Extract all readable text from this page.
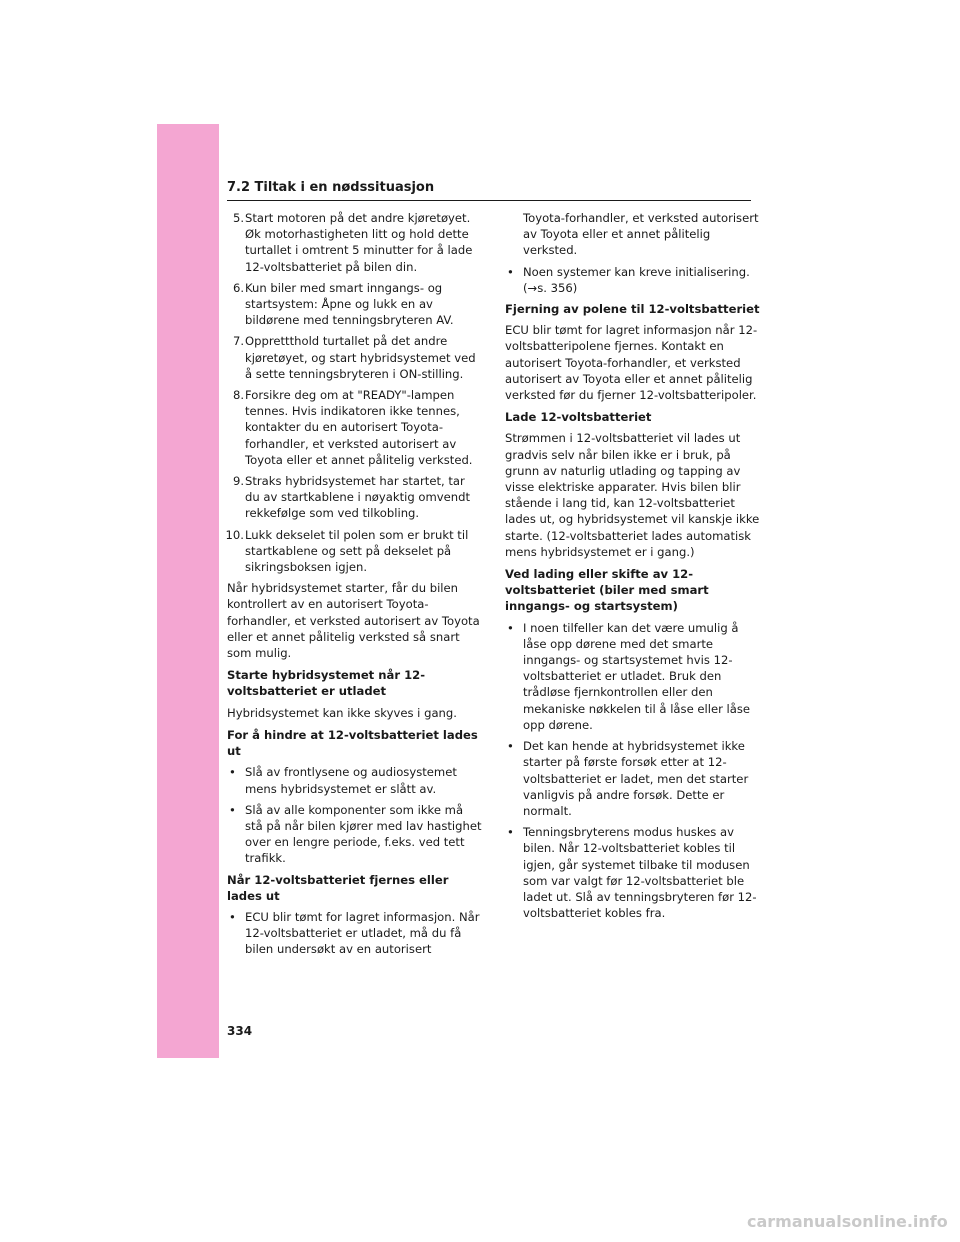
7.2 Tiltak i en nødssituasjon
5. Start motoren på det andre kjøretøyet. Øk motorhastigheten litt og hold dette turtallet i omtrent 5 minutter for å lade 12-voltsbatteriet på bilen din.
6. Kun biler med smart inngangs- og startsystem: Åpne og lukk en av bildørene med tenningsbryteren AV.
7. Opprettthold turtallet på det andre kjøretøyet, og start hybridsystemet ved å sette tenningsbryteren i ON-stilling.
8. Forsikre deg om at "READY"-lampen tennes. Hvis indikatoren ikke tennes, kontakter du en autorisert Toyota-forhandler, et verksted autorisert av Toyota eller et annet pålitelig verksted.
9. Straks hybridsystemet har startet, tar du av startkablene i nøyaktig omvendt rekkefølge som ved tilkobling.
10. Lukk dekselet til polen som er brukt til startkablene og sett på dekselet på sikringsboksen igjen.

Når hybridsystemet starter, får du bilen kontrollert av en autorisert Toyota-forhandler, et verksted autorisert av Toyota eller et annet pålitelig verksted så snart som mulig.

Starte hybridsystemet når 12-voltsbatteriet er utladet

Hybridsystemet kan ikke skyves i gang.

For å hindre at 12-voltsbatteriet lades ut

• Slå av frontlysene og audiosystemet mens hybridsystemet er slått av.
• Slå av alle komponenter som ikke må stå på når bilen kjører med lav hastighet over en lengre periode, f.eks. ved tett trafikk.

Når 12-voltsbatteriet fjernes eller lades ut

• ECU blir tømt for lagret informasjon. Når 12-voltsbatteriet er utladet, må du få bilen undersøkt av en autorisert

Toyota-forhandler, et verksted autorisert av Toyota eller et annet pålitelig verksted.

• Noen systemer kan kreve initialisering. (→s. 356)

Fjerning av polene til 12-voltsbatteriet

ECU blir tømt for lagret informasjon når 12-voltsbatteripolene fjernes. Kontakt en autorisert Toyota-forhandler, et verksted autorisert av Toyota eller et annet pålitelig verksted før du fjerner 12-voltsbatteripoler.

Lade 12-voltsbatteriet

Strømmen i 12-voltsbatteriet vil lades ut gradvis selv når bilen ikke er i bruk, på grunn av naturlig utlading og tapping av visse elektriske apparater. Hvis bilen blir stående i lang tid, kan 12-voltsbatteriet lades ut, og hybridsystemet vil kanskje ikke starte. (12-voltsbatteriet lades automatisk mens hybridsystemet er i gang.)

Ved lading eller skifte av 12-voltsbatteriet (biler med smart inngangs- og startsystem)

• I noen tilfeller kan det være umulig å låse opp dørene med det smarte inngangs- og startsystemet hvis 12-voltsbatteriet er utladet. Bruk den trådløse fjernkontrollen eller den mekaniske nøkkelen til å låse eller låse opp dørene.
• Det kan hende at hybridsystemet ikke starter på første forsøk etter at 12-voltsbatteriet er ladet, men det starter vanligvis på andre forsøk. Dette er normalt.
• Tenningsbryterens modus huskes av bilen. Når 12-voltsbatteriet kobles til igjen, går systemet tilbake til modusen som var valgt før 12-voltsbatteriet ble ladet ut. Slå av tenningsbryteren før 12-voltsbatteriet kobles fra.
334
carmanualsonline.info
